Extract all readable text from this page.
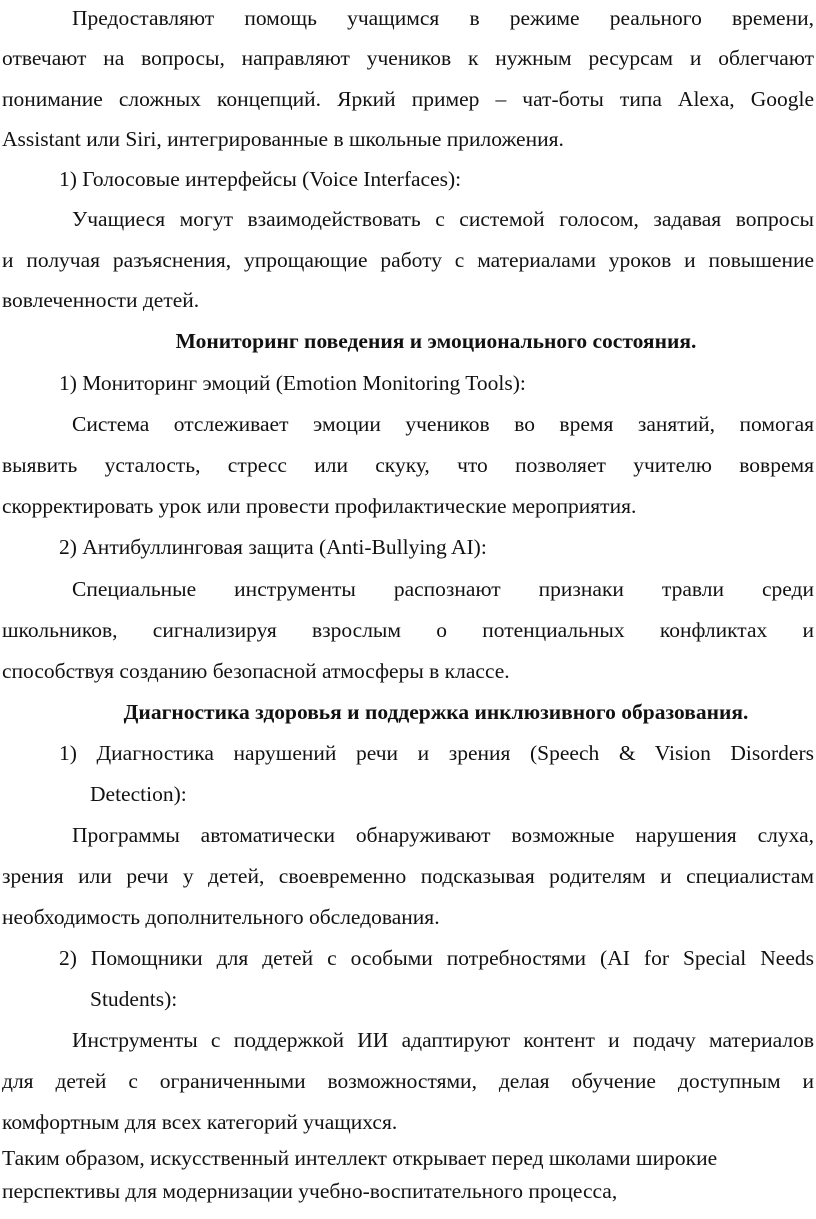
Предоставляют помощь учащимся в режиме реального времени,
отвечают на вопросы, направляют учеников к нужным ресурсам и облегчают
понимание сложных концепций. Яркий пример – чат-боты типа Alexa, Google
Assistant или Siri, интегрированные в школьные приложения.
1) Голосовые интерфейсы (Voice Interfaces):
Учащиеся могут взаимодействовать с системой голосом, задавая вопросы
и получая разъяснения, упрощающие работу с материалами уроков и повышение
вовлеченности детей.
Мониторинг поведения и эмоционального состояния.
1) Мониторинг эмоций (Emotion Monitoring Tools):
Система отслеживает эмоции учеников во время занятий, помогая
выявить усталость, стресс или скуку, что позволяет учителю вовремя
скорректировать урок или провести профилактические мероприятия.
2) Антибуллинговая защита (Anti-Bullying AI):
Специальные инструменты распознают признаки травли среди
школьников, сигнализируя взрослым о потенциальных конфликтах и
способствуя созданию безопасной атмосферы в классе.
Диагностика здоровья и поддержка инклюзивного образования.
1) Диагностика нарушений речи и зрения (Speech & Vision Disorders
Detection):
Программы автоматически обнаруживают возможные нарушения слуха,
зрения или речи у детей, своевременно подсказывая родителям и специалистам
необходимость дополнительного обследования.
2) Помощники для детей с особыми потребностями (AI for Special Needs
Students):
Инструменты с поддержкой ИИ адаптируют контент и подачу материалов
для детей с ограниченными возможностями, делая обучение доступным и
комфортным для всех категорий учащихся.
Таким образом, искусственный интеллект открывает перед школами широкие
перспективы для модернизации учебно-воспитательного процесса,
